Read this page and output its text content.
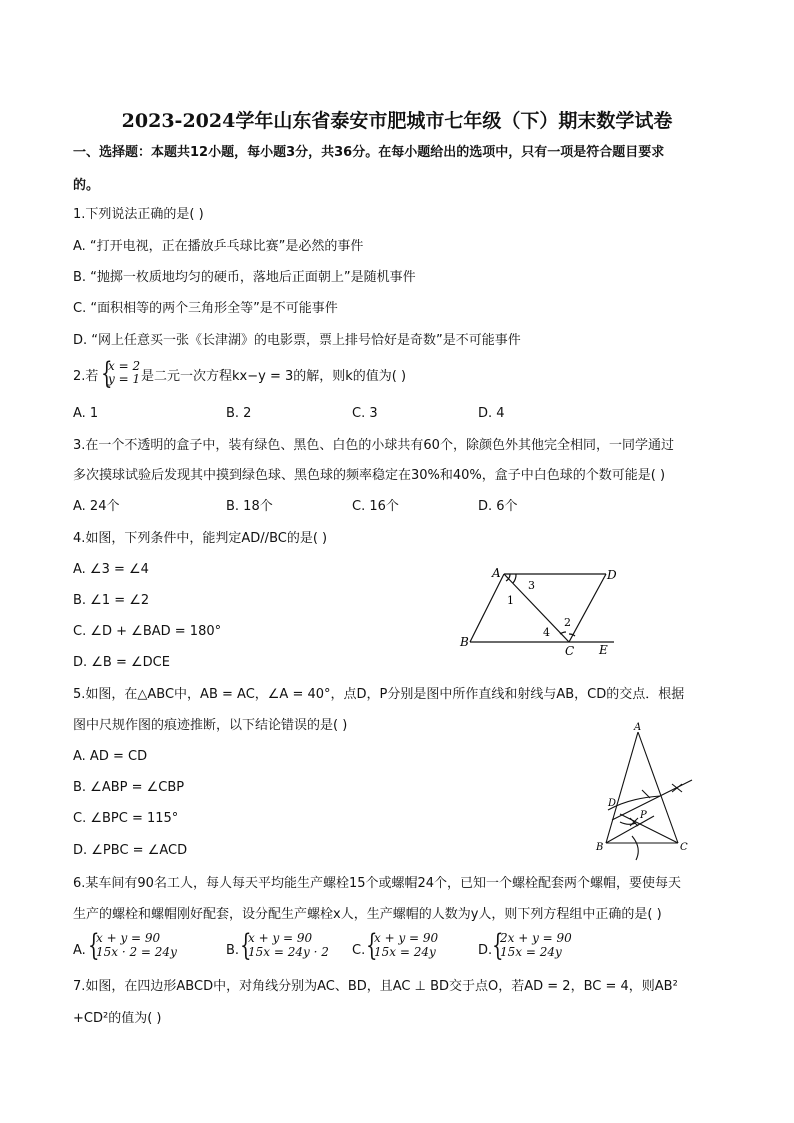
2023-2024学年山东省泰安市肥城市七年级（下）期末数学试卷
一、选择题：本题共12小题，每小题3分，共36分。在每小题给出的选项中，只有一项是符合题目要求
的。
1.下列说法正确的是( )
A. “打开电视，正在播放乒乓球比赛”是必然的事件
B. “抛掷一枚质地均匀的硬币，落地后正面朝上”是随机事件
C. “面积相等的两个三角形全等”是不可能事件
D. “网上任意买一张《长津湖》的电影票，票上排号恰好是奇数”是不可能事件
2.若 {
x = 2
y = 1 是二元一次方程kx−y = 3的解，则k的值为( )
A. 1	B. 2	C. 3	D. 4
3.在一个不透明的盒子中，装有绿色、黑色、白色的小球共有60个，除颜色外其他完全相同，一同学通过
多次摸球试验后发现其中摸到绿色球、黑色球的频率稳定在30%和40%，盒子中白色球的个数可能是( )
A. 24个	B. 18个	C. 16个	D. 6个
4.如图，下列条件中，能判定AD//BC的是( )
A. ∠3 = ∠4
B. ∠1 = ∠2
C. ∠D + ∠BAD = 180°
D. ∠B = ∠DCE
A	D
B
C E
1
2
3
4
5.如图，在△ABC中，AB = AC，∠A = 40°，点D，P分别是图中所作直线和射线与AB，CD的交点．根据
图中尺规作图的痕迹推断，以下结论错误的是( )
A. AD = CD
B. ∠ABP = ∠CBP
C. ∠BPC = 115°
D. ∠PBC = ∠ACD
A
D
P
B	C
6.某车间有90名工人，每人每天平均能生产螺栓15个或螺帽24个，已知一个螺栓配套两个螺帽，要使每天
生产的螺栓和螺帽刚好配套，设分配生产螺栓x人，生产螺帽的人数为y人，则下列方程组中正确的是( )
A. {
x + y = 90
15x · 2 = 24y	B. {
x + y = 90
15x = 24y · 2 C. {
x + y = 90
15x = 24y	D. {
2x + y = 90
15x = 24y
7.如图，在四边形ABCD中，对角线分别为AC、BD，且AC ⊥ BD交于点O，若AD = 2，BC = 4，则AB²
+CD²的值为( )
